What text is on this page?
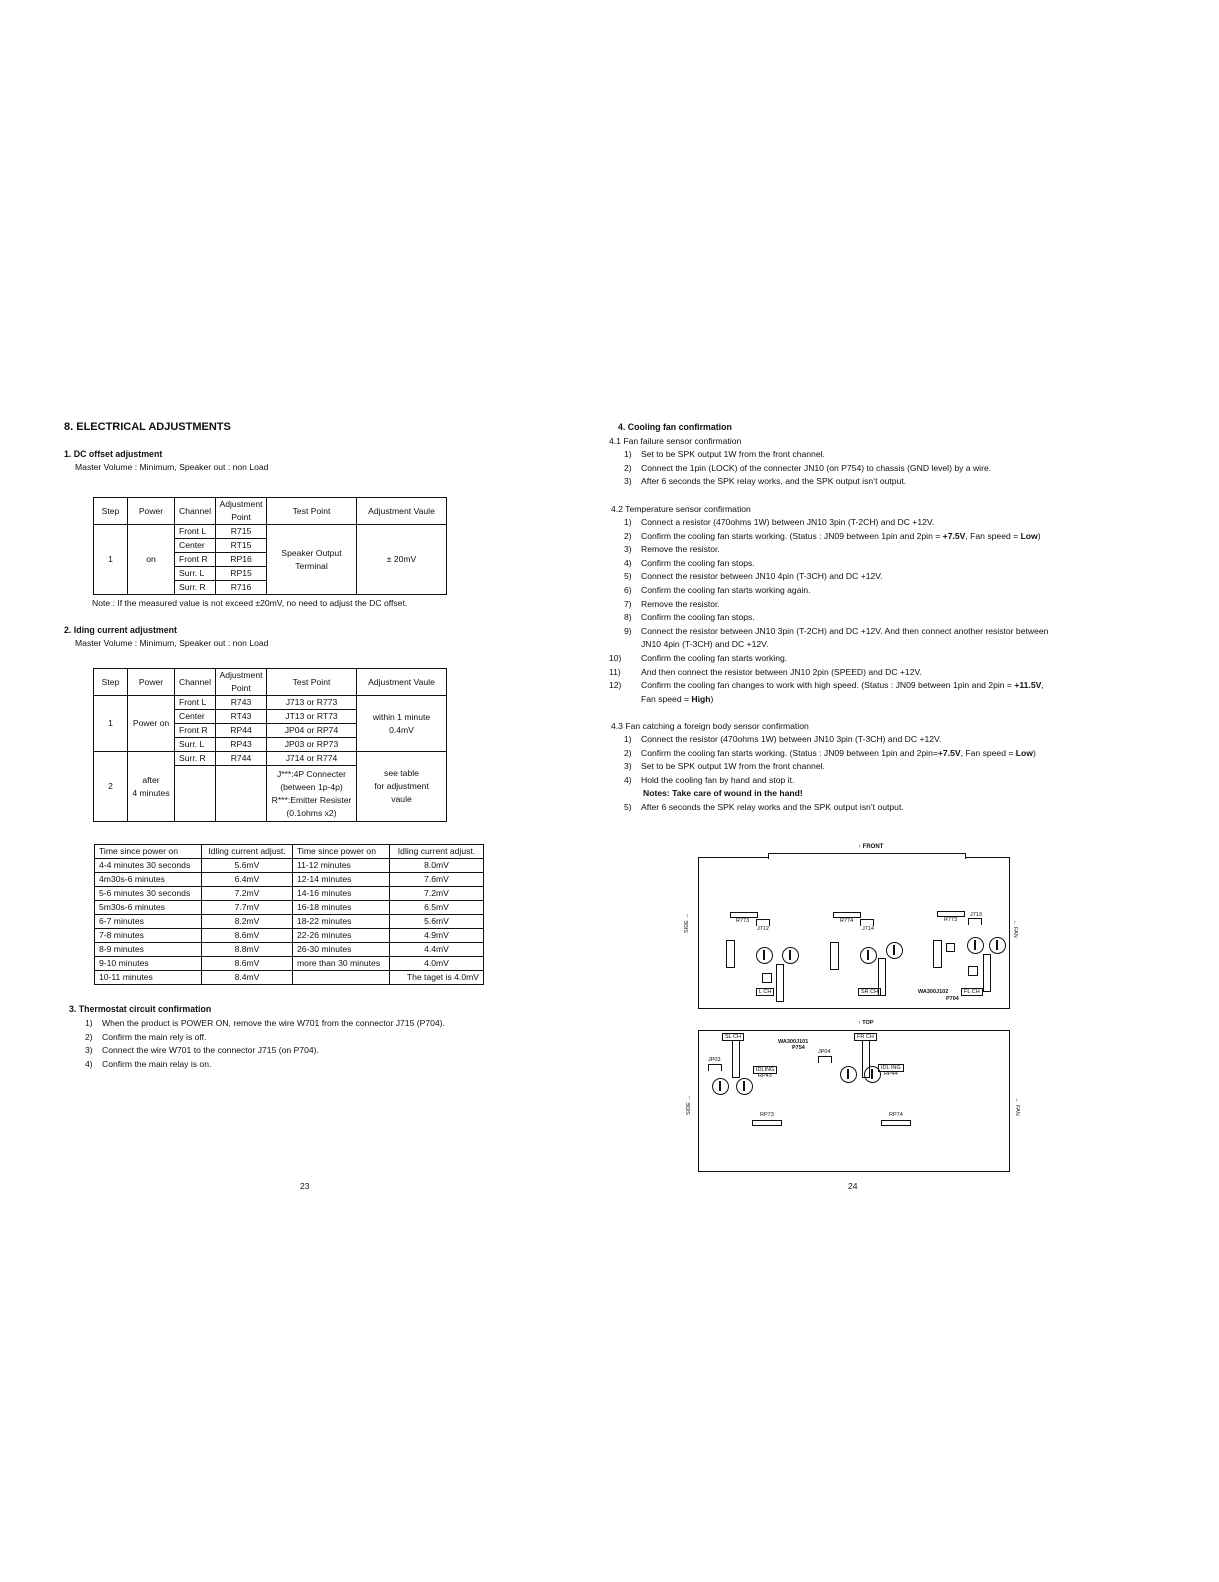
8. ELECTRICAL ADJUSTMENTS
1. DC offset adjustment
Master Volume : Minimum, Speaker out : non Load
Step	Power	Channel	Adjustment Point	Test Point	Adjustment Vaule
1	on	Front L	R715	Speaker Output Terminal	± 20mV
		Center	RT15		
		Front R	RP16		
		Surr. L	RP15		
		Surr. R	R716		
Note : If the measured value is not exceed ±20mV, no need to adjust the DC offset.
2. Iding current adjustment
Master Volume : Minimum, Speaker out : non Load
Step	Power	Channel	Adjustment Point	Test Point	Adjustment Vaule
1	Power on	Front L	R743	J713 or R773	within 1 minute
0.4mV
		Center	RT43	JT13 or RT73	
		Front R	RP44	JP04 or RP74	
		Surr. L	RP43	JP03 or RP73	
2	after
4 minutes	Surr. R	R744	J714 or R774	see table
for adjustment
vaule
				J***:4P Connecter
(between 1p-4p)
R***:Emitter Resister
(0.1ohms x2)	
Time since power on	Idling current adjust.	Time since power on	Idling current adjust.
4-4 minutes 30 seconds	5.6mV	11-12 minutes	8.0mV
4m30s-6 minutes	6.4mV	12-14 minutes	7.6mV
5-6 minutes 30 seconds	7.2mV	14-16 minutes	7.2mV
5m30s-6 minutes	7.7mV	16-18 minutes	6.5mV
6-7 minutes	8.2mV	18-22 minutes	5.6mV
7-8 minutes	8.6mV	22-26 minutes	4.9mV
8-9 minutes	8.8mV	26-30 minutes	4.4mV
9-10 minutes	8.6mV	more than 30 minutes	4.0mV
10-11 minutes	8.4mV		The taget is 4.0mV
3. Thermostat circuit confirmation
1) When the product is POWER ON, remove the wire W701 from the connector J715 (P704).
2) Confirm the main rely is off.
3) Connect the wire W701 to the connector J715 (on P704).
4) Confirm the main relay is on.
23
4. Cooling fan confirmation
4.1 Fan failure sensor confirmation
1) Set to be SPK output 1W from the front channel.
2) Connect the 1pin (LOCK) of the connecter JN10 (on P754) to chassis (GND level) by a wire.
3) After 6 seconds the SPK relay works, and the SPK output isn’t output.
4.2 Temperature sensor confirmation
1) Connect a resistor (470ohms 1W) between JN10 3pin (T-2CH) and DC +12V.
2) Confirm the cooling fan starts working. (Status : JN09 between 1pin and 2pin = +7.5V, Fan speed = Low)
3) Remove the resistor.
4) Confirm the cooling fan stops.
5) Connect the resistor between JN10 4pin (T-3CH) and DC +12V.
6) Confirm the cooling fan starts working again.
7) Remove the resistor.
8) Confirm the cooling fan stops.
9) Connect the resistor between JN10 3pin (T-2CH) and DC +12V. And then connect another resistor between
JN10 4pin (T-3CH) and DC +12V.
10) Confirm the cooling fan starts working.
11) And then connect the resistor between JN10 2pin (SPEED) and DC +12V.
12) Confirm the cooling fan changes to work with high speed. (Status : JN09 between 1pin and 2pin = +11.5V,
Fan speed = High)
4.3 Fan catching a foreign body sensor confirmation
1) Connect the resistor (470ohms 1W) between JN10 3pin (T-3CH) and DC +12V.
2) Confirm the cooling fan starts working. (Status : JN09 between 1pin and 2pin=+7.5V, Fan speed = Low)
3) Set to be SPK output 1W from the front channel.
4) Hold the cooling fan by hand and stop it.
Notes: Take care of wound in the hand!
5) After 6 seconds the SPK relay works and the SPK output isn’t output.
↑ FRONT
SIDE →
← FAN
R773
J712
L CH
R774
J714
SR CH
R773
J713
FL CH
WA300J102
P704
↑ TOP
SIDE →	← FAN
SL CH
JP03
IDLING
RP43
WA300J101
P754
JP04
FR CH
IDL ING
RP44
RP73	RP74
24
